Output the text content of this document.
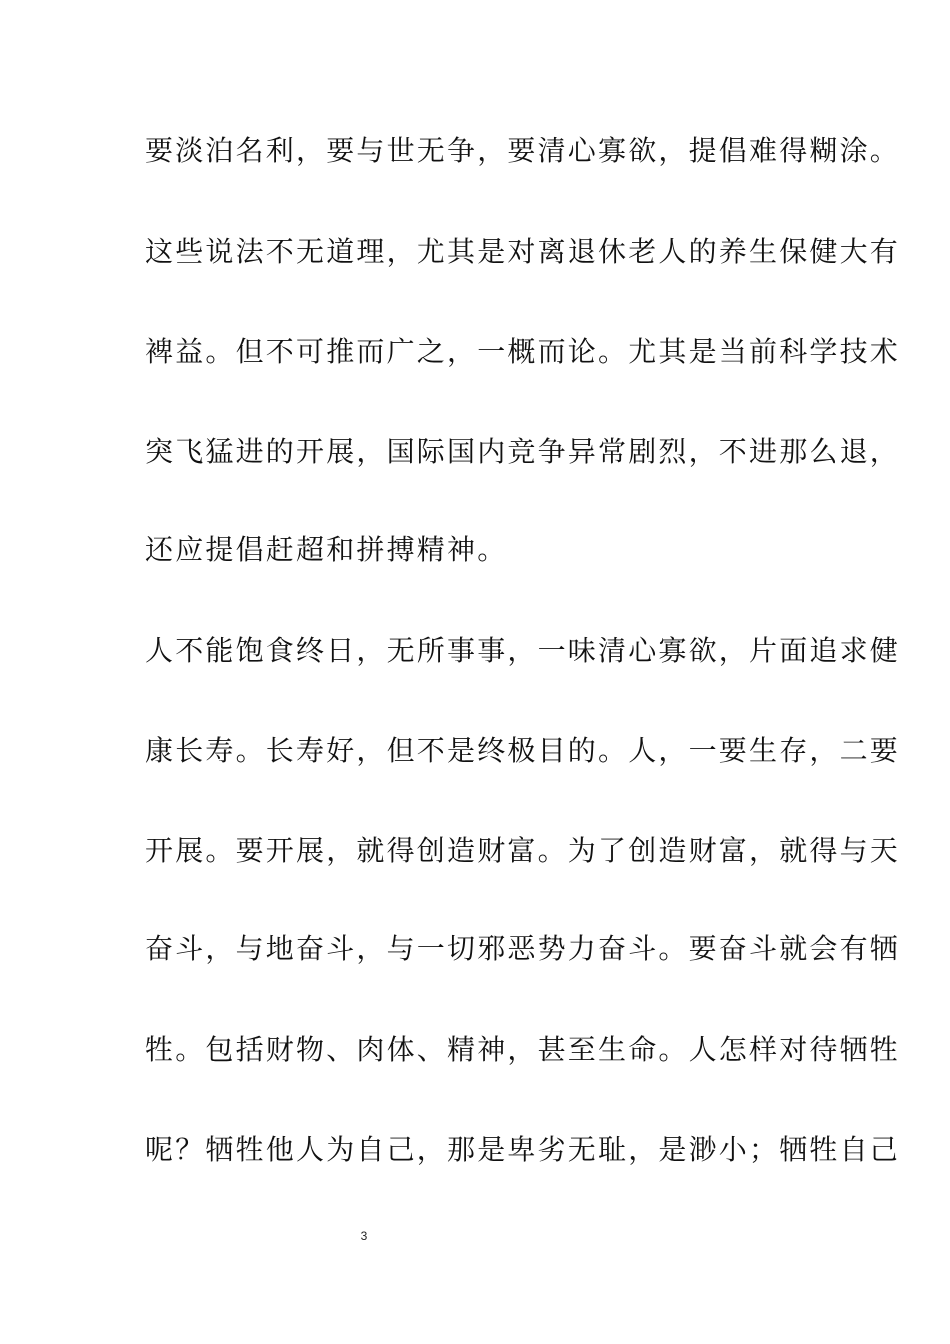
要淡泊名利，要与世无争，要清心寡欲，提倡难得糊涂。
这些说法不无道理，尤其是对离退休老人的养生保健大有
裨益。但不可推而广之，一概而论。尤其是当前科学技术
突飞猛进的开展，国际国内竞争异常剧烈，不进那么退，
还应提倡赶超和拼搏精神。
人不能饱食终日，无所事事，一味清心寡欲，片面追求健
康长寿。长寿好，但不是终极目的。人，一要生存，二要
开展。要开展，就得创造财富。为了创造财富，就得与天
奋斗，与地奋斗，与一切邪恶势力奋斗。要奋斗就会有牺
牲。包括财物、肉体、精神，甚至生命。人怎样对待牺牲
呢？牺牲他人为自己，那是卑劣无耻，是渺小；牺牲自己
3
